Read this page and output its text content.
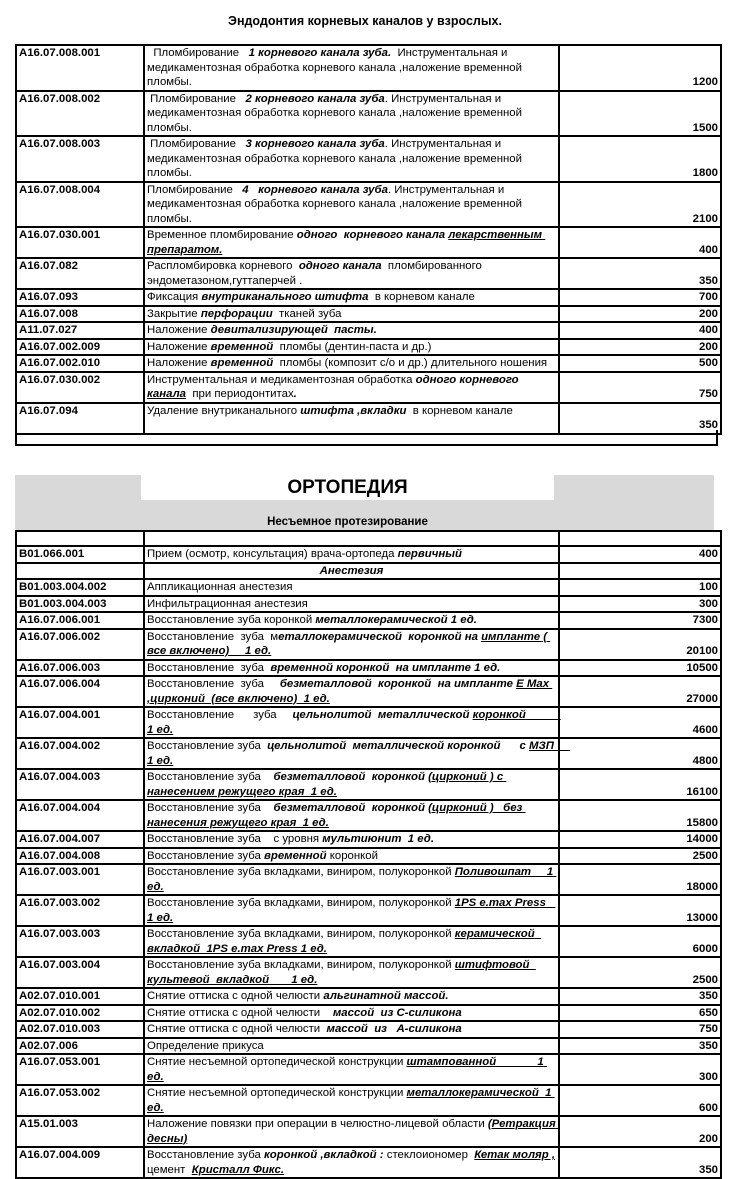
Эндодонтия корневых каналов у взрослых.
A16.07.008.001	Пломбирование   1 корневого канала зуба.  Инструментальная и медикаментозная обработка корневого канала ,наложение временной пломбы.	1200
A16.07.008.002	Пломбирование   2 корневого канала зуба. Инструментальная и медикаментозная обработка корневого канала ,наложение временной пломбы.	1500
A16.07.008.003	Пломбирование   3 корневого канала зуба. Инструментальная и медикаментозная обработка корневого канала ,наложение временной пломбы.	1800
A16.07.008.004	Пломбирование   4   корневого канала зуба. Инструментальная и медикаментозная обработка корневого канала ,наложение временной пломбы.	2100
A16.07.030.001	Временное пломбирование одного  корневого канала лекарственным препаратом.	400
A16.07.082	Распломбировка корневого  одного канала  пломбированного эндометазоном,гуттаперчей .	350
A16.07.093	Фиксация внутриканального штифта  в корневом канале	700
A16.07.008	Закрытие перфорации  тканей зуба	200
A11.07.027	Наложение девитализирующей  пасты.	400
A16.07.002.009	Наложение временной  пломбы (дентин-паста и др.)	200
A16.07.002.010	Наложение временной  пломбы (композит с/о и др.) длительного ношения	500
A16.07.030.002	Инструментальная и медикаментозная обработка одного корневого канала  при периодонтитах.	750
A16.07.094	Удаление внутриканального штифта ,вкладки  в корневом канале	350
ОРТОПЕДИЯ
Несъемное протезирование

B01.066.001	Прием (осмотр, консультация) врача-ортопеда первичный	400
	Анестезия	
B01.003.004.002	Аппликационная анестезия	100
B01.003.004.003	Инфильтрационная анестезия	300
A16.07.006.001	Восстановление зуба коронкой металлокерамической 1 ед.	7300
A16.07.006.002	Восстановление  зуба  металлокерамической  коронкой на импланте ( все включено)     1 ед.	20100
A16.07.006.003	Восстановление  зуба  временной коронкой  на импланте 1 ед.	10500
A16.07.006.004	Восстановление  зуба     безметалловой  коронкой  на импланте E Max ,цирконий  (все включено)  1 ед.	27000
A16.07.004.001	Восстановление      зуба     цельнолитой  металлической коронкой           1 ед.	4600
A16.07.004.002	Восстановление зуба  цельнолитой  металлической коронкой      с МЗП     1 ед.	4800
A16.07.004.003	Восстановление зуба    безметалловой  коронкой (цирконий ) с нанесением режущего края  1 ед.	16100
A16.07.004.004	Восстановление зуба    безметалловой  коронкой (цирконий )   без нанесения режущего края  1 ед.	15800
A16.07.004.007	Восстановление зуба    с уровня мультиюнит  1 ед.	14000
A16.07.004.008	Восстановление зуба временной коронкой	2500
A16.07.003.001	Восстановление зуба вкладками, виниром, полукоронкой Поливошпат     1 ед.	18000
A16.07.003.002	Восстановление зуба вкладками, виниром, полукоронкой 1PS e.max Press   1 ед.	13000
A16.07.003.003	Восстановление зуба вкладками, виниром, полукоронкой керамической  вкладкой  1PS e.max Press 1 ед.	6000
A16.07.003.004	Восстановление зуба вкладками, виниром, полукоронкой штифтовой  культевой  вкладкой       1 ед.	2500
A02.07.010.001	Снятие оттиска с одной челюсти альгинатной массой.	350
A02.07.010.002	Снятие оттиска с одной челюсти    массой  из С-силикона	650
A02.07.010.003	Снятие оттиска с одной челюсти  массой  из   А-силикона	750
A02.07.006	Определение прикуса	350
A16.07.053.001	Снятие несъемной ортопедической конструкции штампованной             1 ед.	300
A16.07.053.002	Снятие несъемной ортопедической конструкции металлокерамической  1 ед.	600
A15.01.003	Наложение повязки при операции в челюстно-лицевой области (Ретракция десны)	200
A16.07.004.009	Восстановление зуба коронкой ,вкладкой : стеклоиономер  Кетак моляр ,  цемент  Кристалл Фикс.	350
